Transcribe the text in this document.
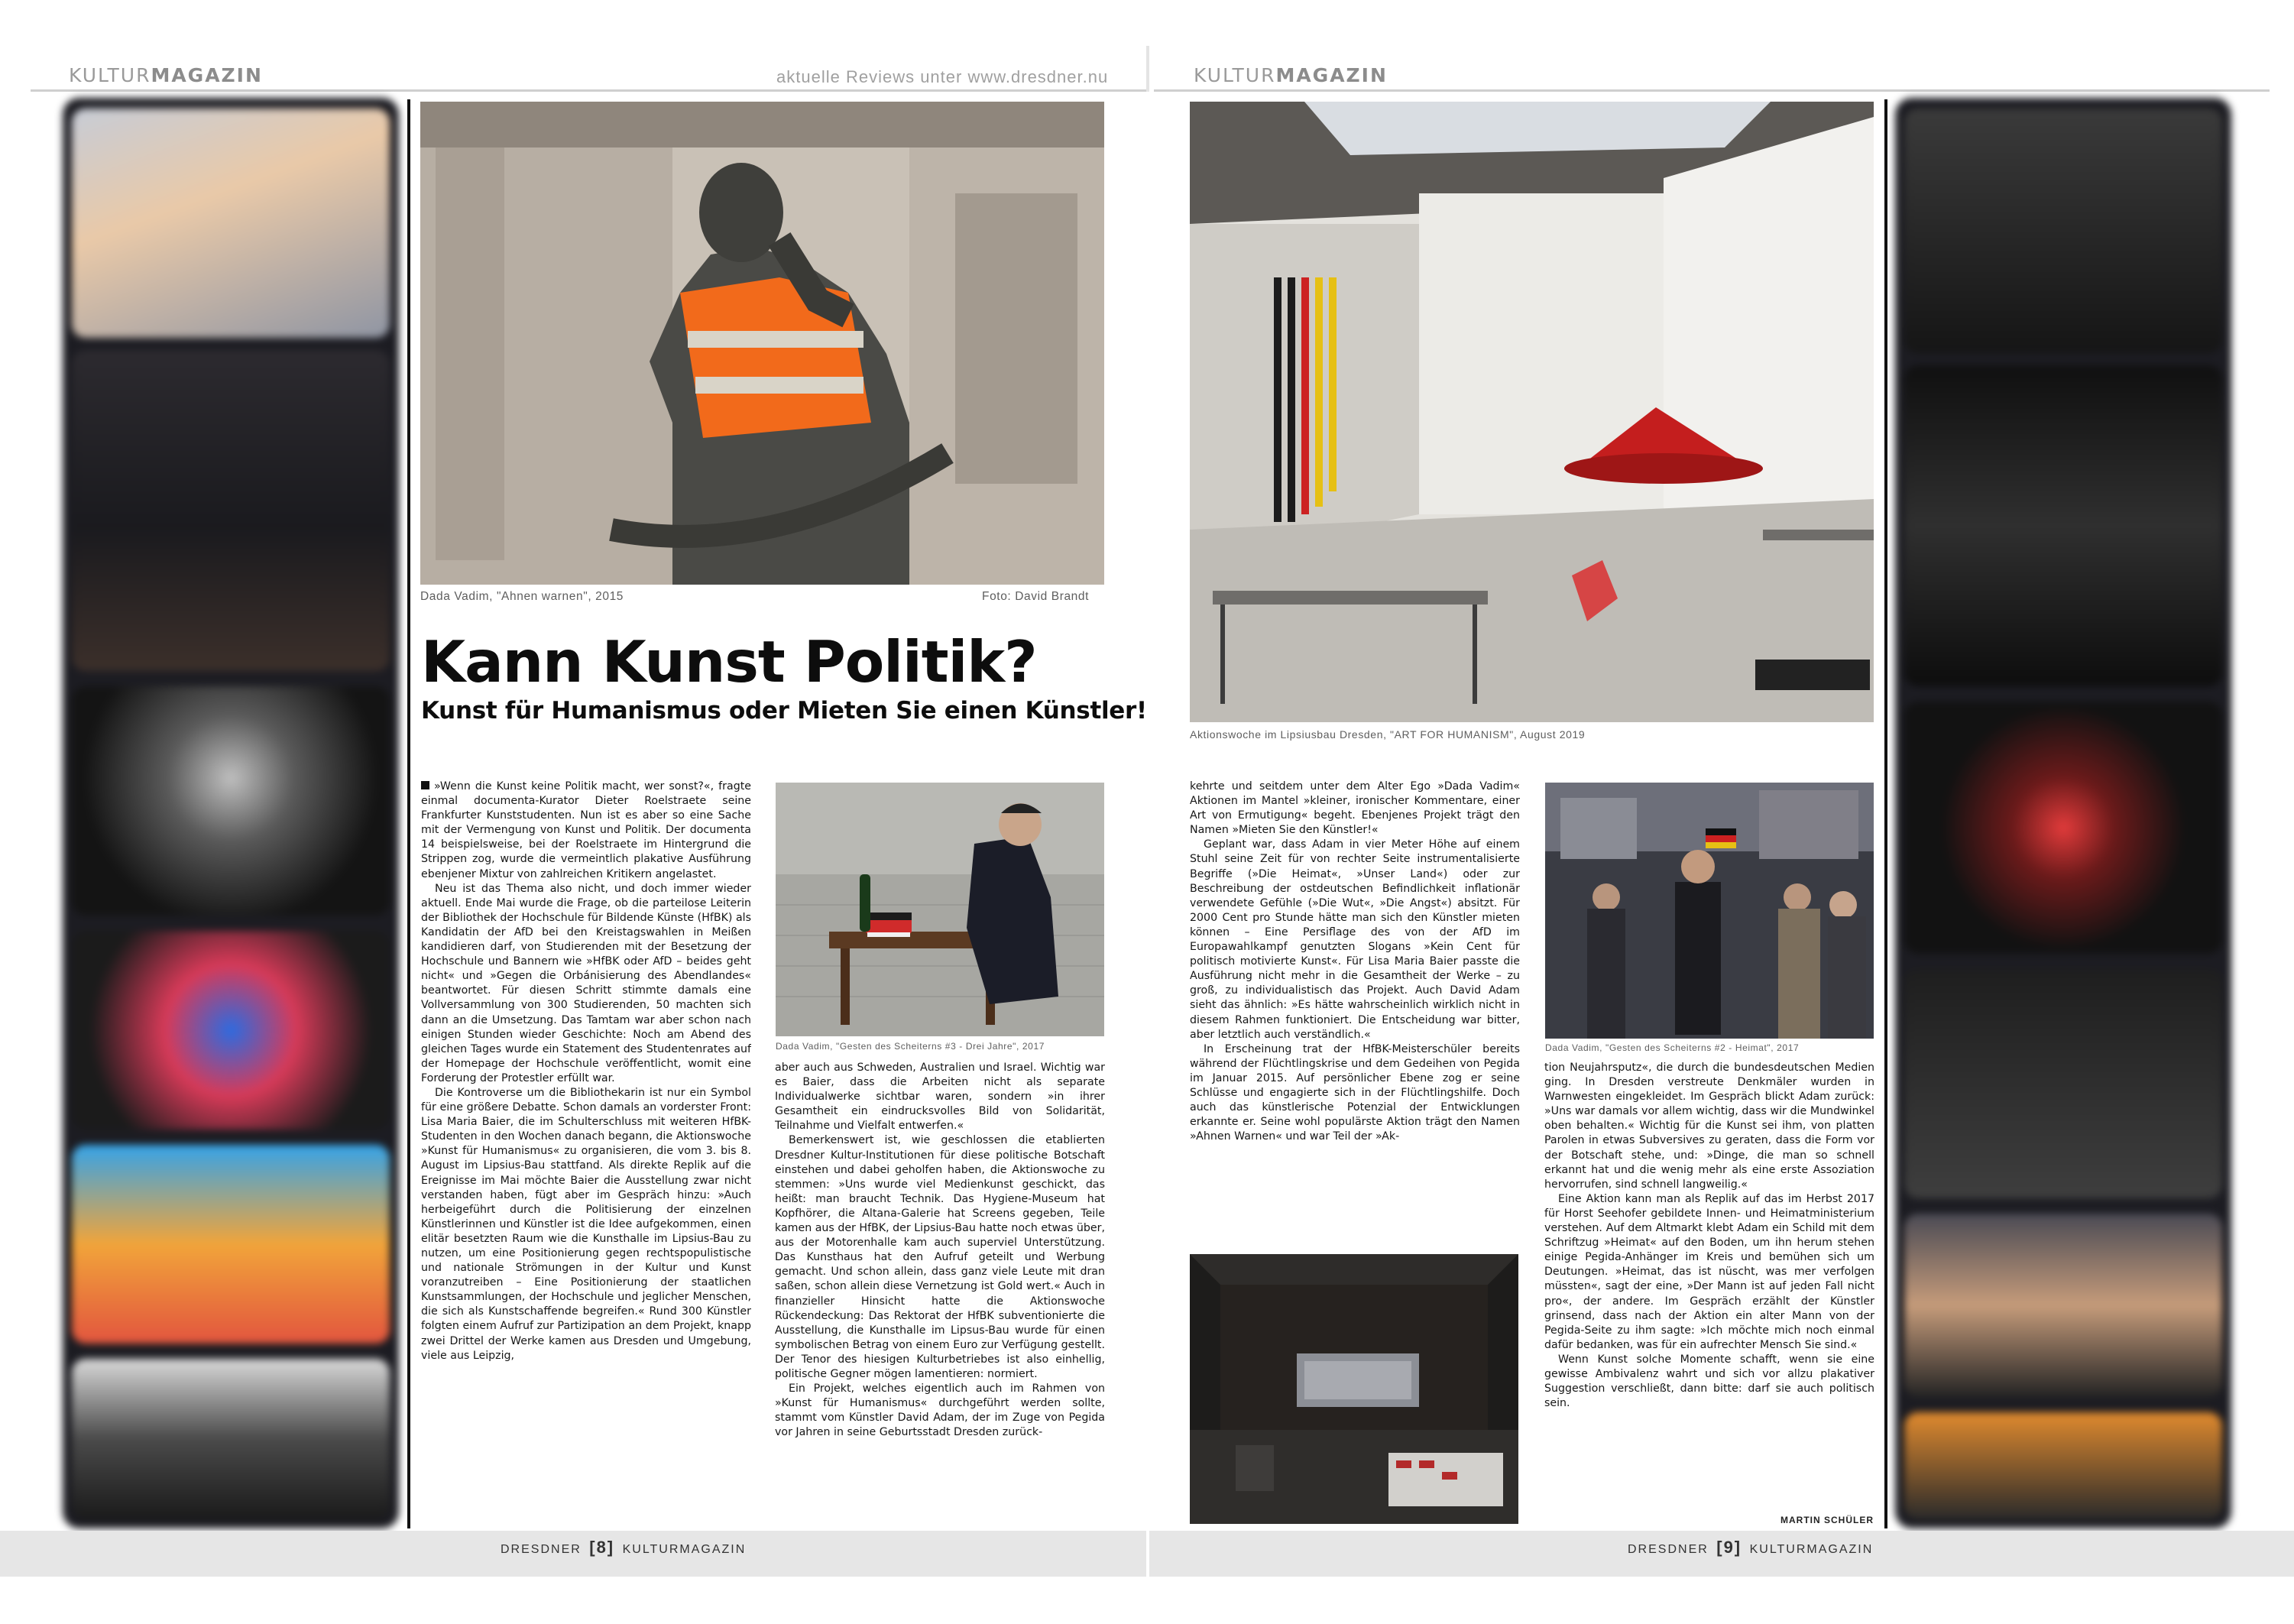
KULTURMAGAZIN	aktuelle Reviews unter www.dresdner.nu	KULTURMAGAZIN
Dada Vadim, "Ahnen warnen", 2015	Foto: David Brandt
Kann Kunst Politik?
Kunst für Humanismus oder Mieten Sie einen Künstler!

»Wenn die Kunst keine Politik macht, wer sonst?«, fragte einmal documenta-Kurator Dieter Roelstraete seine Frankfurter Kunststudenten. Nun ist es aber so eine Sache mit der Vermengung von Kunst und Politik. Der documenta 14 beispielsweise, bei der Roelstraete im Hintergrund die Strippen zog, wurde die vermeintlich plakative Ausführung ebenjener Mixtur von zahlreichen Kritikern angelastet.

Neu ist das Thema also nicht, und doch immer wieder aktuell. Ende Mai wurde die Frage, ob die parteilose Leiterin der Bibliothek der Hochschule für Bildende Künste (HfBK) als Kandidatin der AfD bei den Kreistagswahlen in Meißen kandidieren darf, von Studierenden mit der Besetzung der Hochschule und Bannern wie »HfBK oder AfD – beides geht nicht« und »Gegen die Orbánisierung des Abendlandes« beantwortet. Für diesen Schritt stimmte damals eine Vollversammlung von 300 Studierenden, 50 machten sich dann an die Umsetzung. Das Tamtam war aber schon nach einigen Stunden wieder Geschichte: Noch am Abend des gleichen Tages wurde ein Statement des Studentenrates auf der Homepage der Hochschule veröffentlicht, womit eine Forderung der Protestler erfüllt war.

Die Kontroverse um die Bibliothekarin ist nur ein Symbol für eine größere Debatte. Schon damals an vorderster Front: Lisa Maria Baier, die im Schulterschluss mit weiteren HfBK-Studenten in den Wochen danach begann, die Aktionswoche »Kunst für Humanismus« zu organisieren, die vom 3. bis 8. August im Lipsius-Bau stattfand. Als direkte Replik auf die Ereignisse im Mai möchte Baier die Ausstellung zwar nicht verstanden haben, fügt aber im Gespräch hinzu: »Auch herbeigeführt durch die Politisierung der einzelnen Künstlerinnen und Künstler ist die Idee aufgekommen, einen elitär besetzten Raum wie die Kunsthalle im Lipsius-Bau zu nutzen, um eine Positionierung gegen rechtspopulistische und nationale Strömungen in der Kultur und Kunst voranzutreiben – Eine Positionierung der staatlichen Kunstsammlungen, der Hochschule und jeglicher Menschen, die sich als Kunstschaffende begreifen.« Rund 300 Künstler folgten einem Aufruf zur Partizipation an dem Projekt, knapp zwei Drittel der Werke kamen aus Dresden und Umgebung, viele aus Leipzig,

Dada Vadim, "Gesten des Scheiterns #3 - Drei Jahre", 2017

aber auch aus Schweden, Australien und Israel. Wichtig war es Baier, dass die Arbeiten nicht als separate Individualwerke sichtbar waren, sondern »in ihrer Gesamtheit ein eindrucksvolles Bild von Solidarität, Teilnahme und Vielfalt entwerfen.«

Bemerkenswert ist, wie geschlossen die etablierten Dresdner Kultur-Institutionen für diese politische Botschaft einstehen und dabei geholfen haben, die Aktionswoche zu stemmen: »Uns wurde viel Medienkunst geschickt, das heißt: man braucht Technik. Das Hygiene-Museum hat Kopfhörer, die Altana-Galerie hat Screens gegeben, Teile kamen aus der HfBK, der Lipsius-Bau hatte noch etwas über, aus der Motorenhalle kam auch superviel Unterstützung. Das Kunsthaus hat den Aufruf geteilt und Werbung gemacht. Und schon allein, dass ganz viele Leute mit dran saßen, schon allein diese Vernetzung ist Gold wert.« Auch in finanzieller Hinsicht hatte die Aktionswoche Rückendeckung: Das Rektorat der HfBK subventionierte die Ausstellung, die Kunsthalle im Lipsus-Bau wurde für einen symbolischen Betrag von einem Euro zur Verfügung gestellt. Der Tenor des hiesigen Kulturbetriebes ist also einhellig, politische Gegner mögen lamentieren: normiert.

Ein Projekt, welches eigentlich auch im Rahmen von »Kunst für Humanismus« durchgeführt werden sollte, stammt vom Künstler David Adam, der im Zuge von Pegida vor Jahren in seine Geburtsstadt Dresden zurück-

Aktionswoche im Lipsiusbau Dresden, "ART FOR HUMANISM", August 2019

kehrte und seitdem unter dem Alter Ego »Dada Vadim« Aktionen im Mantel »kleiner, ironischer Kommentare, einer Art von Ermutigung« begeht. Ebenjenes Projekt trägt den Namen »Mieten Sie den Künstler!«

Geplant war, dass Adam in vier Meter Höhe auf einem Stuhl seine Zeit für von rechter Seite instrumentalisierte Begriffe (»Die Heimat«, »Unser Land«) oder zur Beschreibung der ostdeutschen Befindlichkeit inflationär verwendete Gefühle (»Die Wut«, »Die Angst«) absitzt. Für 2000 Cent pro Stunde hätte man sich den Künstler mieten können – Eine Persiflage des von der AfD im Europawahlkampf genutzten Slogans »Kein Cent für politisch motivierte Kunst«. Für Lisa Maria Baier passte die Ausführung nicht mehr in die Gesamtheit der Werke – zu groß, zu individualistisch das Projekt. Auch David Adam sieht das ähnlich: »Es hätte wahrscheinlich wirklich nicht in diesem Rahmen funktioniert. Die Entscheidung war bitter, aber letztlich auch verständlich.«

In Erscheinung trat der HfBK-Meisterschüler bereits während der Flüchtlingskrise und dem Gedeihen von Pegida im Januar 2015. Auf persönlicher Ebene zog er seine Schlüsse und engagierte sich in der Flüchtlingshilfe. Doch auch das künstlerische Potenzial der Entwicklungen erkannte er. Seine wohl populärste Aktion trägt den Namen »Ahnen Warnen« und war Teil der »Ak-

Dada Vadim, "Gesten des Scheiterns #2 - Heimat", 2017

tion Neujahrsputz«, die durch die bundesdeutschen Medien ging. In Dresden verstreute Denkmäler wurden in Warnwesten eingekleidet. Im Gespräch blickt Adam zurück: »Uns war damals vor allem wichtig, dass wir die Mundwinkel oben behalten.« Wichtig für die Kunst sei ihm, von platten Parolen in etwas Subversives zu geraten, dass die Form vor der Botschaft stehe, und: »Dinge, die man so schnell erkannt hat und die wenig mehr als eine erste Assoziation hervorrufen, sind schnell langweilig.«

Eine Aktion kann man als Replik auf das im Herbst 2017 für Horst Seehofer gebildete Innen- und Heimatministerium verstehen. Auf dem Altmarkt klebt Adam ein Schild mit dem Schriftzug »Heimat« auf den Boden, um ihn herum stehen einige Pegida-Anhänger im Kreis und bemühen sich um Deutungen. »Heimat, das ist nüscht, was mer verfolgen müssten«, sagt der eine, »Der Mann ist auf jeden Fall nicht pro«, der andere. Im Gespräch erzählt der Künstler grinsend, dass nach der Aktion ein alter Mann von der Pegida-Seite zu ihm sagte: »Ich möchte mich noch einmal dafür bedanken, was für ein aufrechter Mensch Sie sind.«

Wenn Kunst solche Momente schafft, wenn sie eine gewisse Ambivalenz wahrt und sich vor allzu plakativer Suggestion verschließt, dann bitte: darf sie auch politisch sein.

MARTIN SCHÜLER
DRESDNER [8] KULTURMAGAZIN	DRESDNER [9] KULTURMAGAZIN
